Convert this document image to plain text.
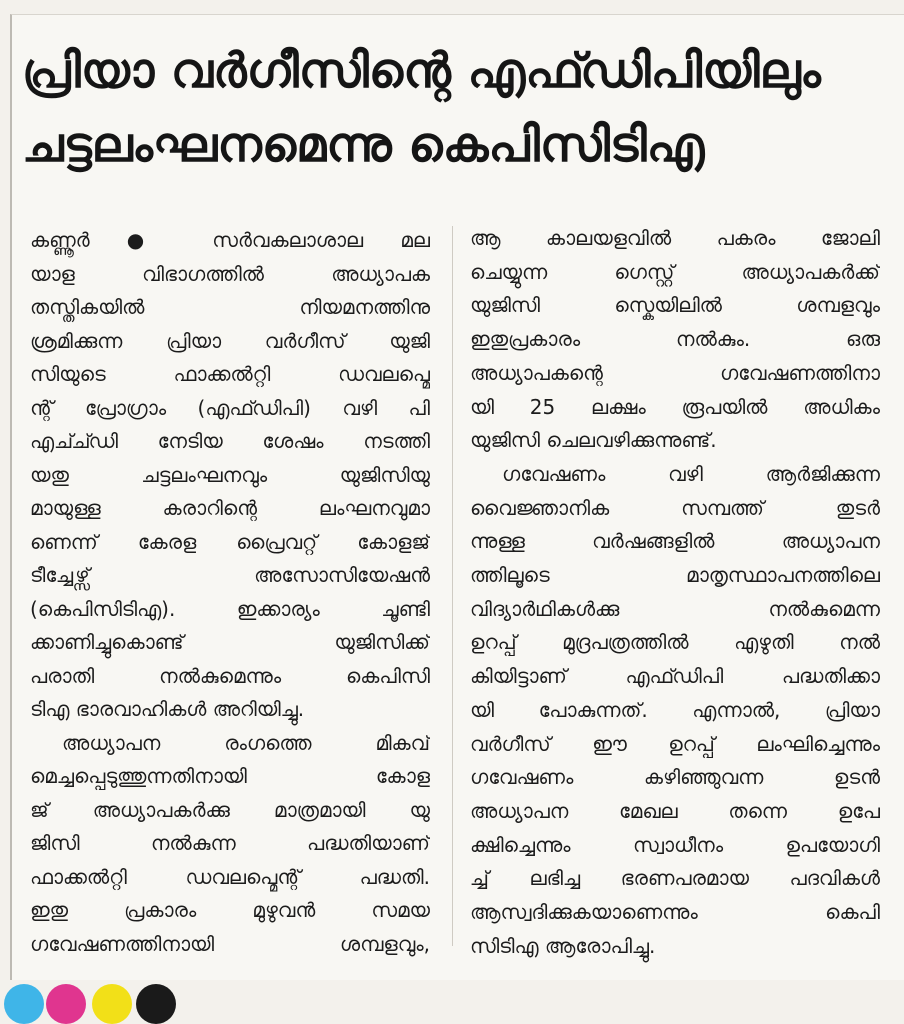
പ്രിയാ വർഗീസിന്റെ എഫ്ഡിപിയിലും
ചട്ടലംഘനമെന്നു കെപിസിടിഎ
കണ്ണൂർ ● സർവകലാശാല മല
യാള വിഭാഗത്തിൽ അധ്യാപക
തസ്തികയിൽ നിയമനത്തിനു
ശ്രമിക്കുന്ന പ്രിയാ വർഗീസ് യുജി
സിയുടെ ഫാക്കൽറ്റി ഡവലപ്മെ
ന്റ് പ്രോഗ്രാം (എഫ്ഡിപി) വഴി പി
എച്ച്ഡി നേടിയ ശേഷം നടത്തി
യതു ചട്ടലംഘനവും യുജിസിയു
മായുള്ള കരാറിന്റെ ലംഘനവുമാ
ണെന്ന് കേരള പ്രൈവറ്റ് കോളജ്
ടീച്ചേഴ്സ് അസോസിയേഷൻ
(കെപിസിടിഎ). ഇക്കാര്യം ചൂണ്ടി
ക്കാണിച്ചുകൊണ്ട് യുജിസിക്ക്
പരാതി നൽകുമെന്നും കെപിസി
ടിഎ ഭാരവാഹികൾ അറിയിച്ചു.
അധ്യാപന രംഗത്തെ മികവ്
മെച്ചപ്പെടുത്തുന്നതിനായി കോള
ജ് അധ്യാപകർക്കു മാത്രമായി യു
ജിസി നൽകുന്ന പദ്ധതിയാണ്
ഫാക്കൽറ്റി ഡവലപ്മെന്റ് പദ്ധതി.
ഇതു പ്രകാരം മുഴുവൻ സമയ
ഗവേഷണത്തിനായി ശമ്പളവും,
ആ കാലയളവിൽ പകരം ജോലി
ചെയ്യുന്ന ഗെസ്റ്റ് അധ്യാപകർക്ക്
യുജിസി സ്കെയിലിൽ ശമ്പളവും
ഇതുപ്രകാരം നൽകും. ഒരു
അധ്യാപകന്റെ ഗവേഷണത്തിനാ
യി 25 ലക്ഷം രൂപയിൽ അധികം
യുജിസി ചെലവഴിക്കുന്നുണ്ട്.
ഗവേഷണം വഴി ആർജിക്കുന്ന
വൈജ്ഞാനിക സമ്പത്ത് തുടർ
ന്നുള്ള വർഷങ്ങളിൽ അധ്യാപന
ത്തിലൂടെ മാതൃസ്ഥാപനത്തിലെ
വിദ്യാർഥികൾക്കു നൽകുമെന്ന
ഉറപ്പ് മുദ്രപത്രത്തിൽ എഴുതി നൽ
കിയിട്ടാണ് എഫ്ഡിപി പദ്ധതിക്കാ
യി പോകുന്നത്. എന്നാൽ, പ്രിയാ
വർഗീസ് ഈ ഉറപ്പ് ലംഘിച്ചെന്നും
ഗവേഷണം കഴിഞ്ഞുവന്ന ഉടൻ
അധ്യാപന മേഖല തന്നെ ഉപേ
ക്ഷിച്ചെന്നും സ്വാധീനം ഉപയോഗി
ച്ച് ലഭിച്ച ഭരണപരമായ പദവികൾ
ആസ്വദിക്കുകയാണെന്നും കെപി
സിടിഎ ആരോപിച്ചു.
